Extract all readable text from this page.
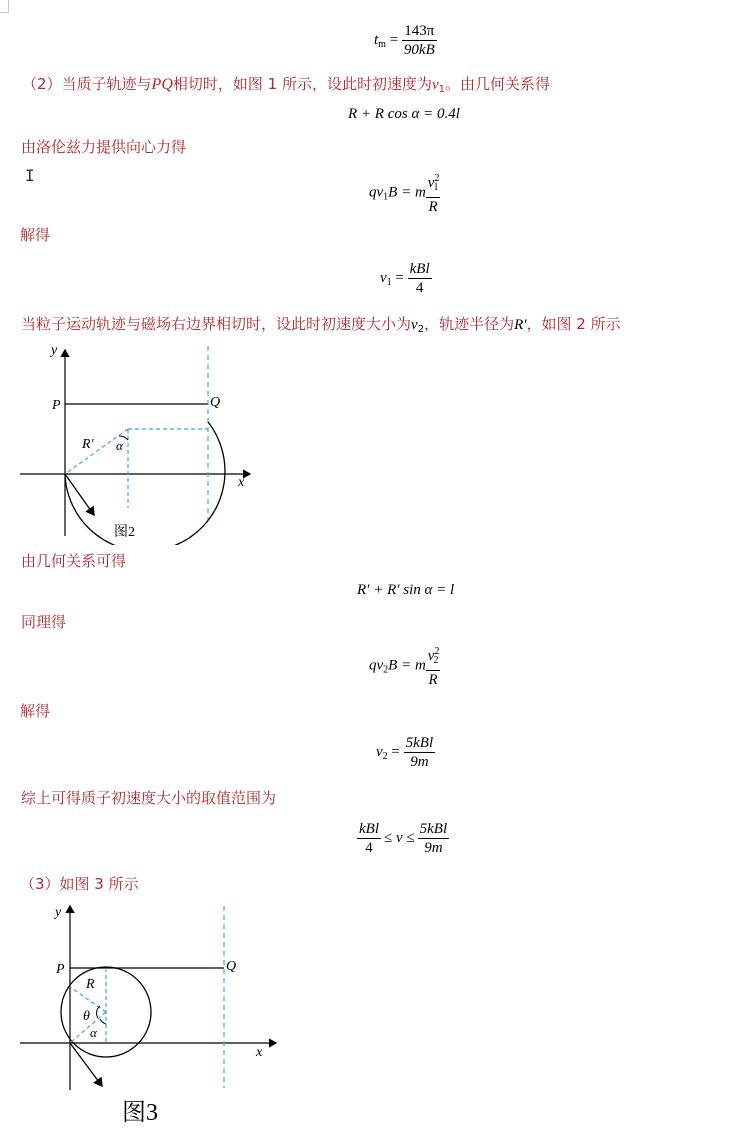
I
$t_m = \frac{143\pi}{90kB}$
（2）当质子轨迹与PQ相切时，如图 1 所示，设此时初速度为$v_1$。由几何关系得
R + R cos α = 0.4l
由洛伦兹力提供向心力得
$qv_1B = m \frac{v^2_1}{R}$
解得
$v_1 = \frac{\text{kBl}}{4}$
当粒子运动轨迹与磁场右边界相切时，设此时初速度大小为$v_2$，轨迹半径为R′，如图 2 所示
y
x
P	Q
R′ α
图2
由几何关系可得
R′ + R′ sin α = l
同理得
$qv_2B = m \frac{v^2_2}{R}$
解得
$v_2 = \frac{\text{5kBl}}{9m}$
综上可得质子初速度大小的取值范围为
$\frac{\text{kBl}}{4} \le v \le \frac{\text{5kBl}}{9m}$
（3）如图 3 所示
y
x
P	Q
R
θ
α
图3
